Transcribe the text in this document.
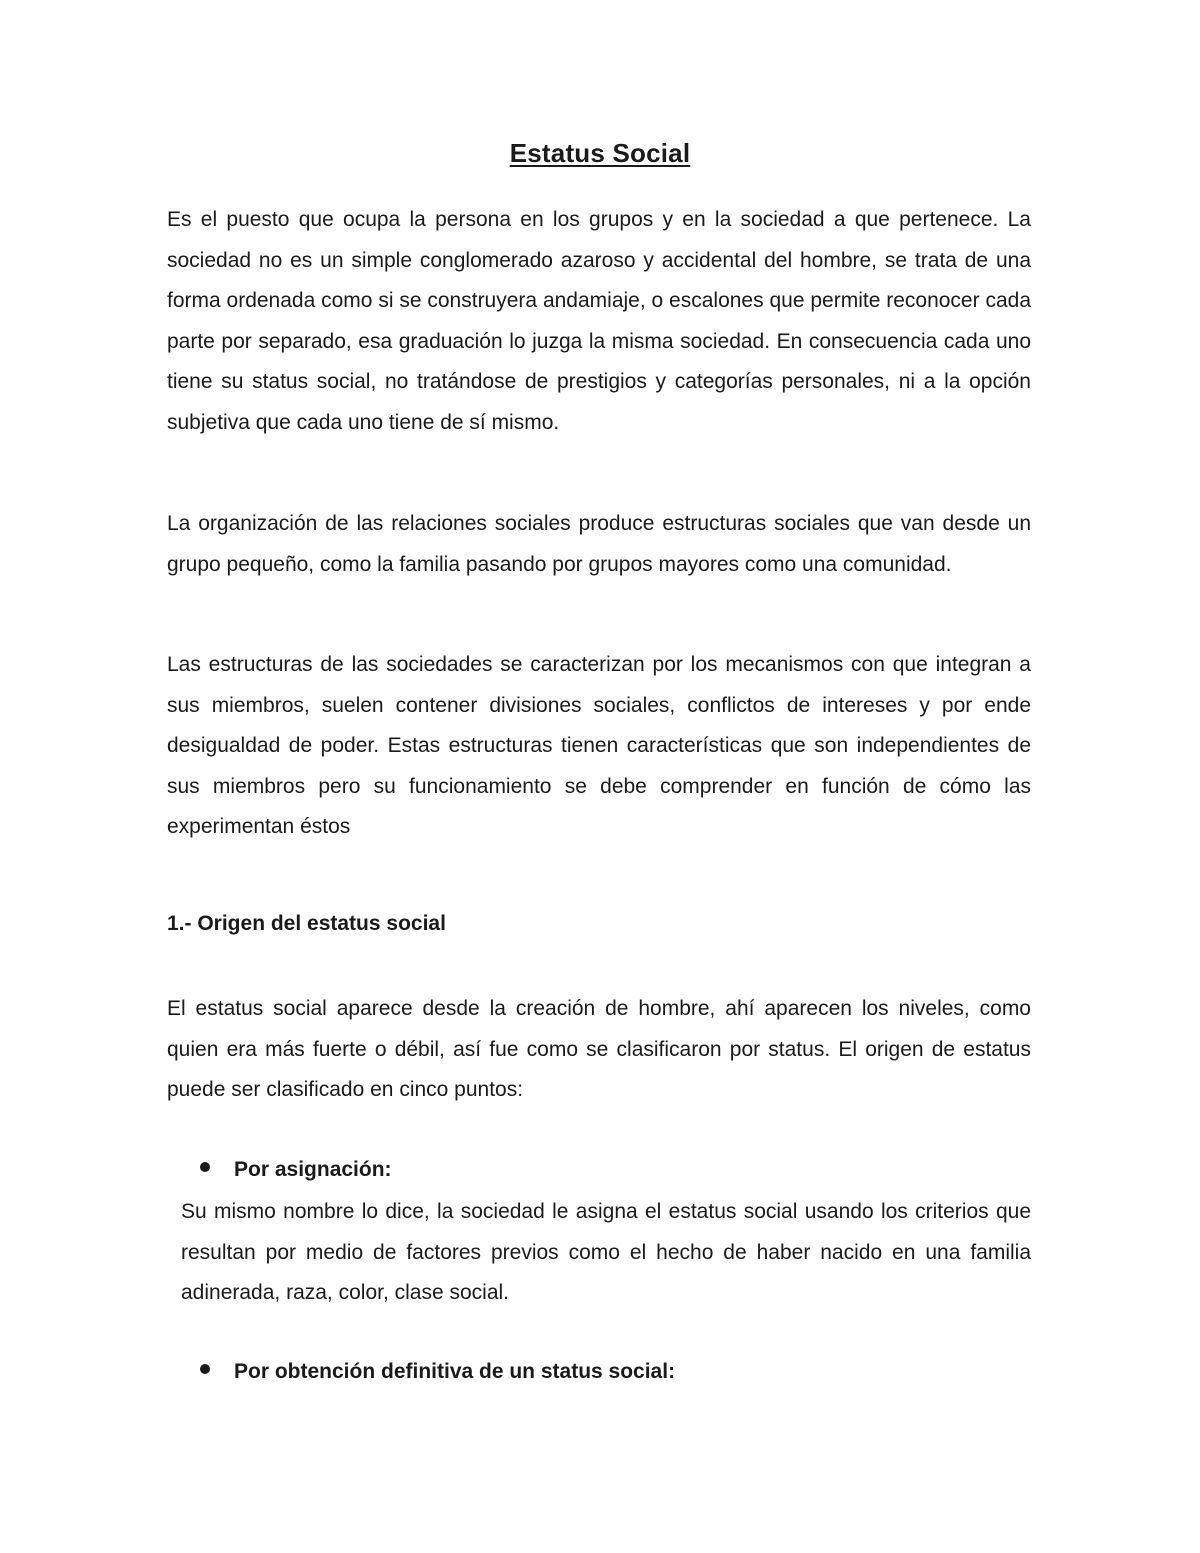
Estatus Social

Es el puesto que ocupa la persona en los grupos y en la sociedad a que pertenece. La sociedad no es un simple conglomerado azaroso y accidental del hombre, se trata de una forma ordenada como si se construyera andamiaje, o escalones que permite reconocer cada parte por separado, esa graduación lo juzga la misma sociedad. En consecuencia cada uno tiene su status social, no tratándose de prestigios y categorías personales, ni a la opción subjetiva que cada uno tiene de sí mismo.

La organización de las relaciones sociales produce estructuras sociales que van desde un grupo pequeño, como la familia pasando por grupos mayores como una comunidad.

Las estructuras de las sociedades se caracterizan por los mecanismos con que integran a sus miembros, suelen contener divisiones sociales, conflictos de intereses y por ende desigualdad de poder. Estas estructuras tienen características que son independientes de sus miembros pero su funcionamiento se debe comprender en función de cómo las experimentan éstos

1.- Origen del estatus social

El estatus social aparece desde la creación de hombre, ahí aparecen los niveles, como quien era más fuerte o débil, así fue como se clasificaron por status. El origen de estatus puede ser clasificado en cinco puntos:

Por asignación:

Su mismo nombre lo dice, la sociedad le asigna el estatus social usando los criterios que resultan por medio de factores previos como el hecho de haber nacido en una familia adinerada, raza, color, clase social.

Por obtención definitiva de un status social:
